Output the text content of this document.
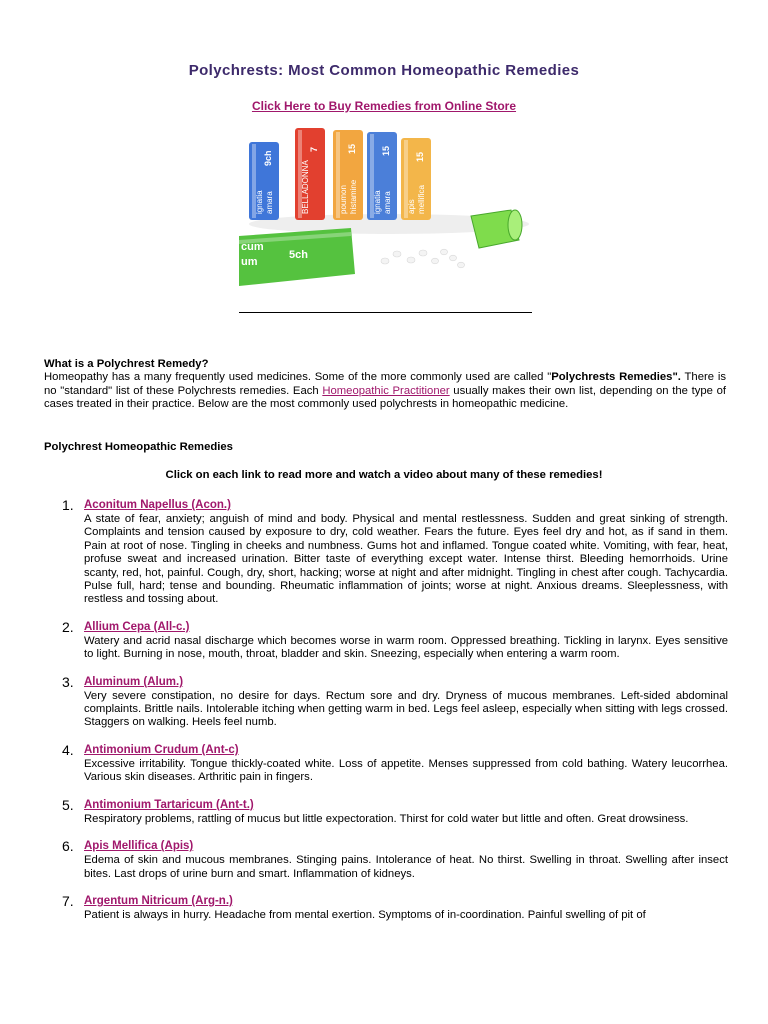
Polychrests: Most Common Homeopathic Remedies
Click Here to Buy Remedies from Online Store
ignatia amara
9ch
BELLADONNA
7
poumon histamine
15
ignatia amara
15
apis mellifica
15
cum
um
5ch
What is a Polychrest Remedy?
Homeopathy has a many frequently used medicines. Some of the more commonly used are called "Polychrests Remedies". There is no "standard" list of these Polychrests remedies. Each Homeopathic Practitioner usually makes their own list, depending on the type of cases treated in their practice. Below are the most commonly used polychrests in homeopathic medicine.
Polychrest Homeopathic Remedies
Click on each link to read more and watch a video about many of these remedies!
1. Aconitum Napellus (Acon.)
A state of fear, anxiety; anguish of mind and body. Physical and mental restlessness. Sudden and great sinking of strength. Complaints and tension caused by exposure to dry, cold weather. Fears the future. Eyes feel dry and hot, as if sand in them. Pain at root of nose. Tingling in cheeks and numbness. Gums hot and inflamed. Tongue coated white. Vomiting, with fear, heat, profuse sweat and increased urination. Bitter taste of everything except water. Intense thirst. Bleeding hemorrhoids. Urine scanty, red, hot, painful. Cough, dry, short, hacking; worse at night and after midnight. Tingling in chest after cough. Tachycardia. Pulse full, hard; tense and bounding. Rheumatic inflammation of joints; worse at night. Anxious dreams. Sleeplessness, with restless and tossing about.
2. Allium Cepa (All-c.)
Watery and acrid nasal discharge which becomes worse in warm room. Oppressed breathing. Tickling in larynx. Eyes sensitive to light. Burning in nose, mouth, throat, bladder and skin. Sneezing, especially when entering a warm room.
3. Aluminum (Alum.)
Very severe constipation, no desire for days. Rectum sore and dry. Dryness of mucous membranes. Left-sided abdominal complaints. Brittle nails. Intolerable itching when getting warm in bed. Legs feel asleep, especially when sitting with legs crossed. Staggers on walking. Heels feel numb.
4. Antimonium Crudum (Ant-c)
Excessive irritability. Tongue thickly-coated white. Loss of appetite. Menses suppressed from cold bathing. Watery leucorrhea. Various skin diseases. Arthritic pain in fingers.
5. Antimonium Tartaricum (Ant-t.)
Respiratory problems, rattling of mucus but little expectoration. Thirst for cold water but little and often. Great drowsiness.
6. Apis Mellifica (Apis)
Edema of skin and mucous membranes. Stinging pains. Intolerance of heat. No thirst. Swelling in throat. Swelling after insect bites. Last drops of urine burn and smart. Inflammation of kidneys.
7. Argentum Nitricum (Arg-n.)
Patient is always in hurry. Headache from mental exertion. Symptoms of in-coordination. Painful swelling of pit of
